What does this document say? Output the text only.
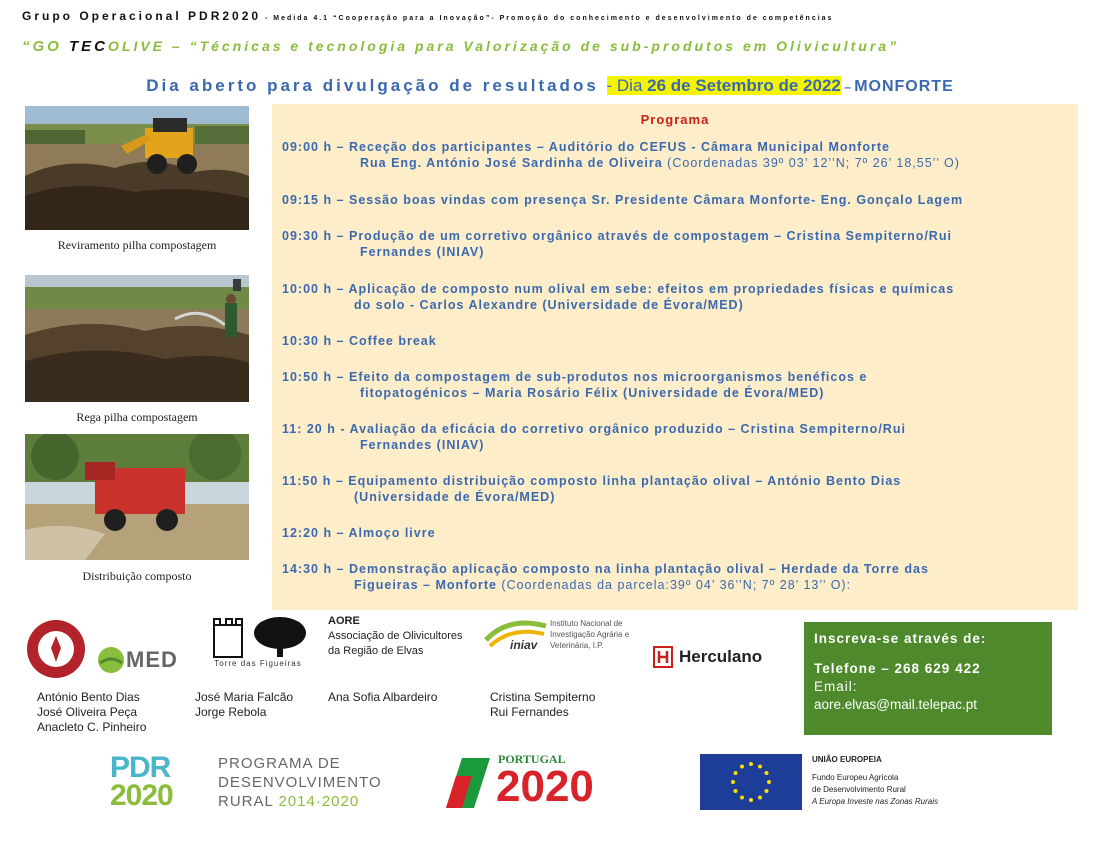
Grupo Operacional PDR2020 - Medida 4.1 “Cooperação para a Inovação”- Promoção do conhecimento e desenvolvimento de competências
“GO TECOLIVE – “Técnicas e tecnologia para Valorização de sub-produtos em Olivicultura”
Dia aberto para divulgação de resultados - Dia 26 de Setembro de 2022 – MONFORTE
Reviramento pilha compostagem
Rega pilha compostagem
Distribuição composto
Programa
09:00 h – Receção dos participantes – Auditório do CEFUS - Câmara Municipal Monforte
Rua Eng. António José Sardinha de Oliveira (Coordenadas 39º 03’ 12’’N; 7º 26’ 18,55’’ O)
09:15 h – Sessão boas vindas com presença Sr. Presidente Câmara Monforte- Eng. Gonçalo Lagem
09:30 h – Produção de um corretivo orgânico através de compostagem – Cristina Sempiterno/Rui
Fernandes (INIAV)
10:00 h – Aplicação de composto num olival em sebe: efeitos em propriedades físicas e químicas
do solo - Carlos Alexandre (Universidade de Évora/MED)
10:30 h – Coffee break
10:50 h – Efeito da compostagem de sub-produtos nos microorganismos benéficos e
fitopatogénicos – Maria Rosário Félix (Universidade de Évora/MED)
11: 20 h - Avaliação da eficácia do corretivo orgânico produzido – Cristina Sempiterno/Rui
Fernandes (INIAV)
11:50 h – Equipamento distribuição composto linha plantação olival – António Bento Dias
(Universidade de Évora/MED)
12:20 h – Almoço livre
14:30 h – Demonstração aplicação composto na linha plantação olival – Herdade da Torre das
Figueiras – Monforte (Coordenadas da parcela:39º 04’ 36’’N; 7º 28’ 13’’ O):
MED	Torre das Figueiras
AORE
Associação de Olivicultores
da Região de Elvas	iniav
Instituto Nacional de
Investigação Agrária e
Veterinária, I.P.
Herculano
António Bento Dias
José Oliveira Peça
Anacleto C. Pinheiro
José Maria Falcão
Jorge Rebola
Ana Sofia Albardeiro	Cristina Sempiterno
Rui Fernandes
Inscreva-se através de:
Telefone – 268 629 422
Email:
aore.elvas@mail.telepac.pt
PDR
2020
PROGRAMA DE
DESENVOLVIMENTO
RURAL 2014·2020
PORTUGAL
2020
UNIÃO EUROPEIA
Fundo Europeu Agrícola
de Desenvolvimento Rural
A Europa Investe nas Zonas Rurais
